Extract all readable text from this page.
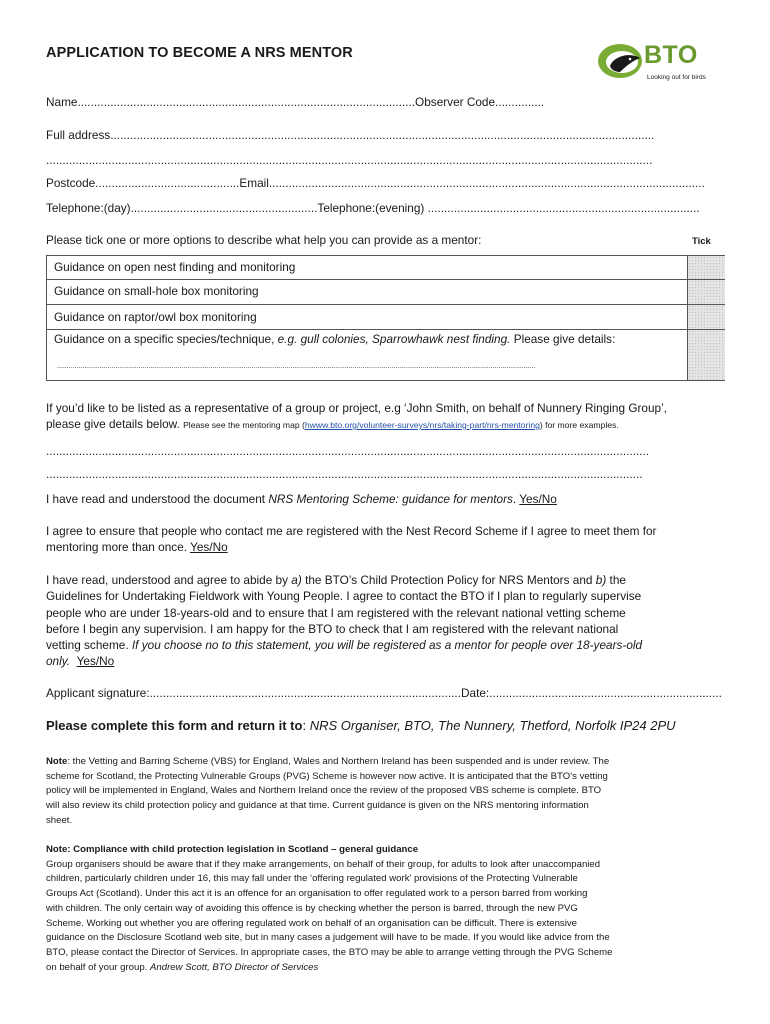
APPLICATION TO BECOME A NRS MENTOR	BTO
Looking out for birds
Name.......................................................................................................Observer Code...............
Full address......................................................................................................................................................................
.........................................................................................................................................................................................
Postcode............................................Email.....................................................................................................................................
Telephone:(day).........................................................Telephone:(evening) ...................................................................................
Please tick one or more options to describe what help you can provide as a mentor:	Tick
Guidance on open nest finding and monitoring
Guidance on small-hole box monitoring
Guidance on raptor/owl box monitoring
Guidance on a specific species/technique, e.g. gull colonies, Sparrowhawk nest finding. Please give details:
......................................................................................................................................................................................................................................................
If you’d like to be listed as a representative of a group or project, e.g ‘John Smith, on behalf of Nunnery Ringing Group’,
please give details below. Please see the mentoring map (hwww.bto.org/volunteer-surveys/nrs/taking-part/nrs-mentoring) for more examples.
........................................................................................................................................................................................
......................................................................................................................................................................................
I have read and understood the document NRS Mentoring Scheme: guidance for mentors. Yes/No
I agree to ensure that people who contact me are registered with the Nest Record Scheme if I agree to meet them for
mentoring more than once. Yes/No
I have read, understood and agree to abide by a) the BTO’s Child Protection Policy for NRS Mentors and b) the
Guidelines for Undertaking Fieldwork with Young People. I agree to contact the BTO if I plan to regularly supervise
people who are under 18-years-old and to ensure that I am registered with the relevant national vetting scheme
before I begin any supervision. I am happy for the BTO to check that I am registered with the relevant national
vetting scheme. If you choose no to this statement, you will be registered as a mentor for people over 18-years-old
only. Yes/No
Applicant signature:...............................................................................................Date:.......................................................................
Please complete this form and return it to: NRS Organiser, BTO, The Nunnery, Thetford, Norfolk IP24 2PU
Note: the Vetting and Barring Scheme (VBS) for England, Wales and Northern Ireland has been suspended and is under review. The
scheme for Scotland, the Protecting Vulnerable Groups (PVG) Scheme is however now active. It is anticipated that the BTO’s vetting
policy will be implemented in England, Wales and Northern Ireland once the review of the proposed VBS scheme is complete. BTO
will also review its child protection policy and guidance at that time. Current guidance is given on the NRS mentoring information
sheet.
Note: Compliance with child protection legislation in Scotland – general guidance
Group organisers should be aware that if they make arrangements, on behalf of their group, for adults to look after unaccompanied
children, particularly children under 16, this may fall under the ‘offering regulated work’ provisions of the Protecting Vulnerable
Groups Act (Scotland). Under this act it is an offence for an organisation to offer regulated work to a person barred from working
with children. The only certain way of avoiding this offence is by checking whether the person is barred, through the new PVG
Scheme. Working out whether you are offering regulated work on behalf of an organisation can be difficult. There is extensive
guidance on the Disclosure Scotland web site, but in many cases a judgement will have to be made. If you would like advice from the
BTO, please contact the Director of Services. In appropriate cases, the BTO may be able to arrange vetting through the PVG Scheme
on behalf of your group. Andrew Scott, BTO Director of Services
